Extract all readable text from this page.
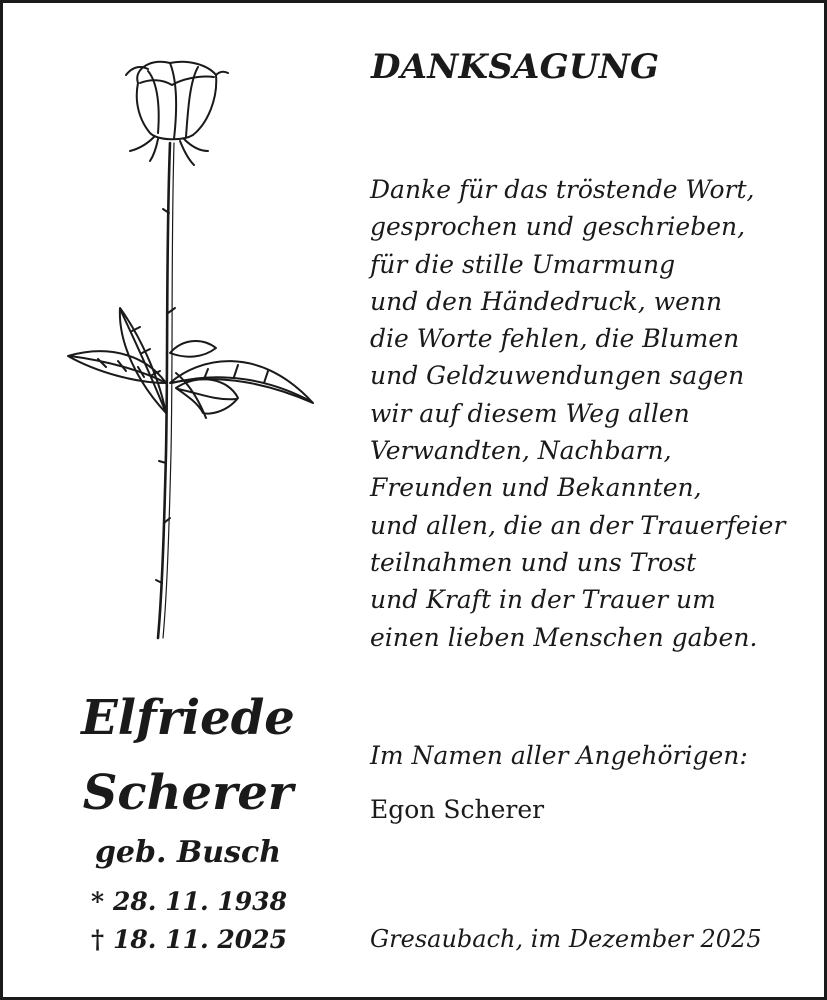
DANKSAGUNG
Danke für das tröstende Wort,
gesprochen und geschrieben,
für die stille Umarmung
und den Händedruck, wenn
die Worte fehlen, die Blumen
und Geldzuwendungen sagen
wir auf diesem Weg allen
Verwandten, Nachbarn,
Freunden und Bekannten,
und allen, die an der Trauerfeier
teilnahmen und uns Trost
und Kraft in der Trauer um
einen lieben Menschen gaben.
Elfriede
Scherer
geb. Busch
* 28. 11. 1938
† 18. 11. 2025
Im Namen aller Angehörigen:
Egon Scherer
Gresaubach, im Dezember 2025
